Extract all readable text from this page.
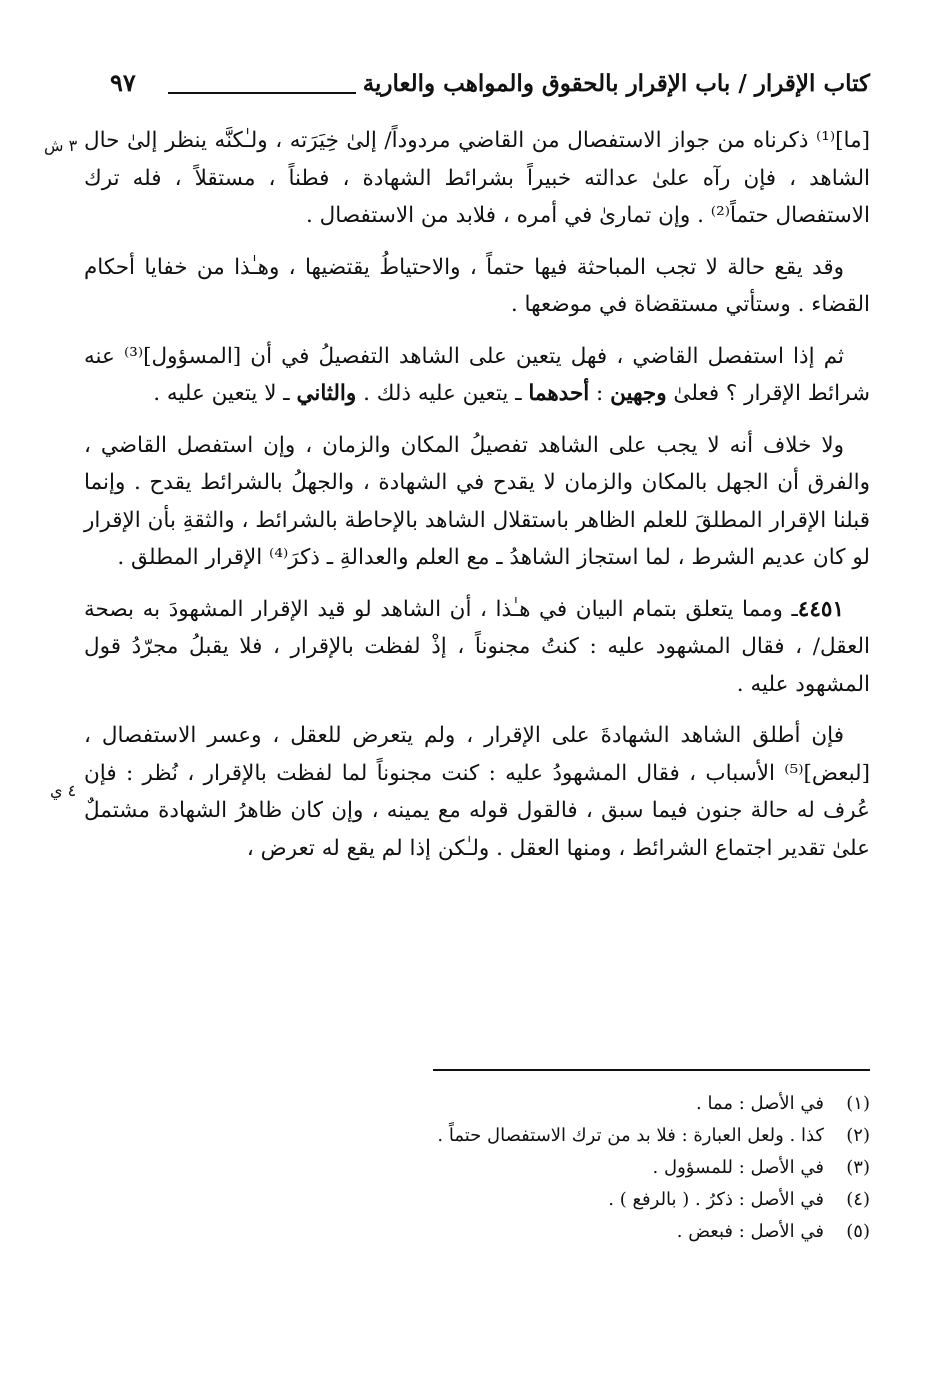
كتاب الإقرار / باب الإقرار بالحقوق والمواهب والعارية
٩٧
٣ ش
٤ ي

[ما]⁽¹⁾ ذكرناه من جواز الاستفصال من القاضي مردوداً/ إلىٰ خِيَرَته ، ولـٰكنَّه ينظر إلىٰ حال الشاهد ، فإن رآه علىٰ عدالته خبيراً بشرائط الشهادة ، فطناً ، مستقلاً ، فله ترك الاستفصال حتماً⁽²⁾ . وإن تمارىٰ في أمره ، فلابد من الاستفصال .

وقد يقع حالة لا تجب المباحثة فيها حتماً ، والاحتياطُ يقتضيها ، وهـٰذا من خفايا أحكام القضاء . وستأتي مستقضاة في موضعها .

ثم إذا استفصل القاضي ، فهل يتعين على الشاهد التفصيلُ في أن [المسؤول]⁽³⁾ عنه شرائط الإقرار ؟ فعلىٰ وجهين : أحدهما ـ يتعين عليه ذلك . والثاني ـ لا يتعين عليه .

ولا خلاف أنه لا يجب على الشاهد تفصيلُ المكان والزمان ، وإن استفصل القاضي ، والفرق أن الجهل بالمكان والزمان لا يقدح في الشهادة ، والجهلُ بالشرائط يقدح . وإنما قبلنا الإقرار المطلقَ للعلم الظاهر باستقلال الشاهد بالإحاطة بالشرائط ، والثقةِ بأن الإقرار لو كان عديم الشرط ، لما استجاز الشاهدُ ـ مع العلم والعدالةِ ـ ذكرَ⁽⁴⁾ الإقرار المطلق .

٤٤٥١ـ ومما يتعلق بتمام البيان في هـٰذا ، أن الشاهد لو قيد الإقرار المشهودَ به بصحة العقل/ ، فقال المشهود عليه : كنتُ مجنوناً ، إذْ لفظت بالإقرار ، فلا يقبلُ مجرّدُ قول المشهود عليه .

فإن أطلق الشاهد الشهادةَ على الإقرار ، ولم يتعرض للعقل ، وعسر الاستفصال ، [لبعض]⁽⁵⁾ الأسباب ، فقال المشهودُ عليه : كنت مجنوناً لما لفظت بالإقرار ، نُظر : فإن عُرف له حالة جنون فيما سبق ، فالقول قوله مع يمينه ، وإن كان ظاهرُ الشهادة مشتملٌ علىٰ تقدير اجتماع الشرائط ، ومنها العقل . ولـٰكن إذا لم يقع له تعرض ،

(١)
في الأصل : مما .
(٢)
كذا . ولعل العبارة : فلا بد من ترك الاستفصال حتماً .
(٣)
في الأصل : للمسؤول .
(٤)
في الأصل : ذكرُ . ( بالرفع ) .
(٥)
في الأصل : فبعض .
